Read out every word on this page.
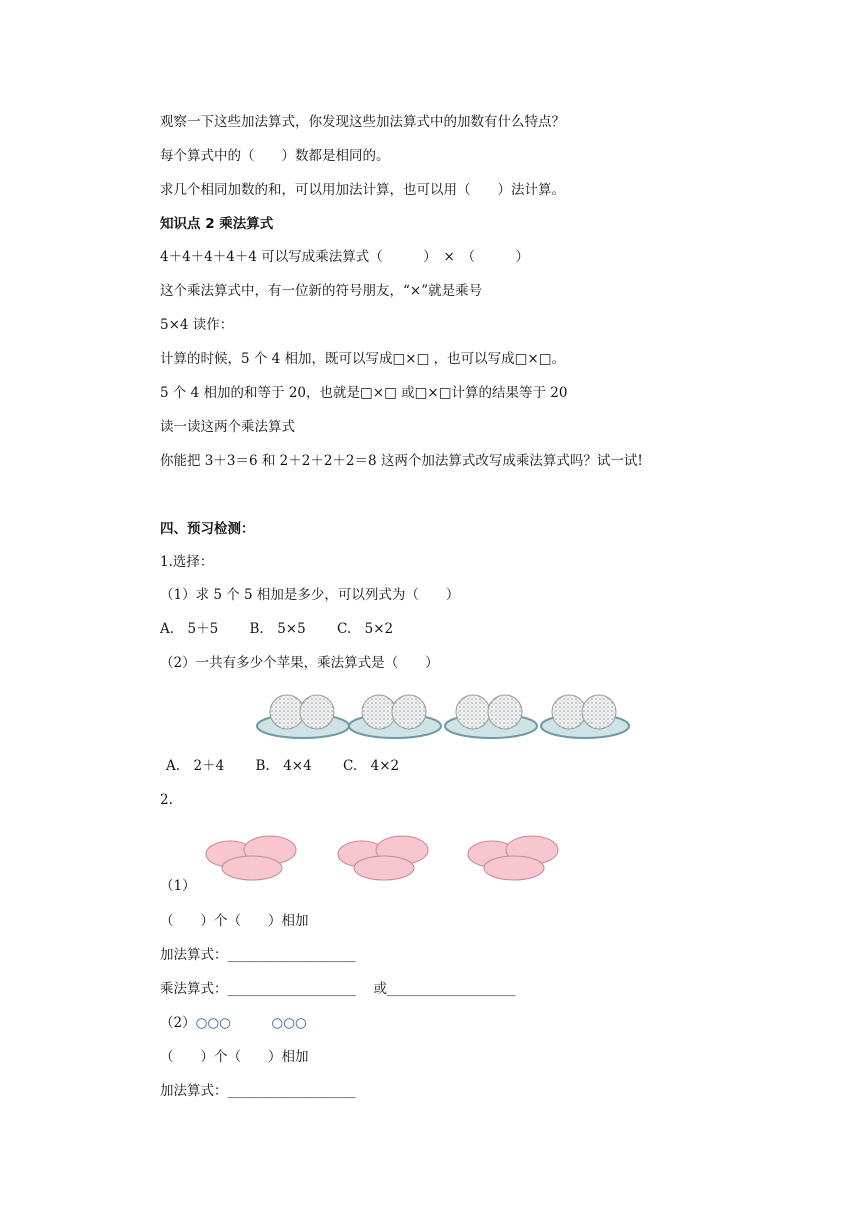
观察一下这些加法算式，你发现这些加法算式中的加数有什么特点？
每个算式中的（　　）数都是相同的。
求几个相同加数的和，可以用加法计算，也可以用（　　）法计算。
知识点 2 乘法算式
4＋4＋4＋4＋4 可以写成乘法算式（　　　）　×　（　　　）
这个乘法算式中，有一位新的符号朋友，“×”就是乘号
5×4 读作：
计算的时候，5 个 4 相加，既可以写成□×□ ，也可以写成□×□。
5 个 4 相加的和等于 20，也就是□×□ 或□×□计算的结果等于 20
读一读这两个乘法算式
你能把 3＋3＝6 和 2＋2＋2＋2＝8 这两个加法算式改写成乘法算式吗？试一试!
四、预习检测：
1.选择：
（1）求 5 个 5 相加是多少，可以列式为（　　）
A.　5＋5　　 B.　5×5　　 C.　5×2
（2）一共有多少个苹果，乘法算式是（　　）
A.　2＋4　　 B.　4×4　　 C.　4×2
2.
（1）
（　　）个（　　）相加
加法算式：___________________
乘法算式：___________________　 或___________________
（2）○○○　　　○○○
（　　）个（　　）相加
加法算式：___________________
